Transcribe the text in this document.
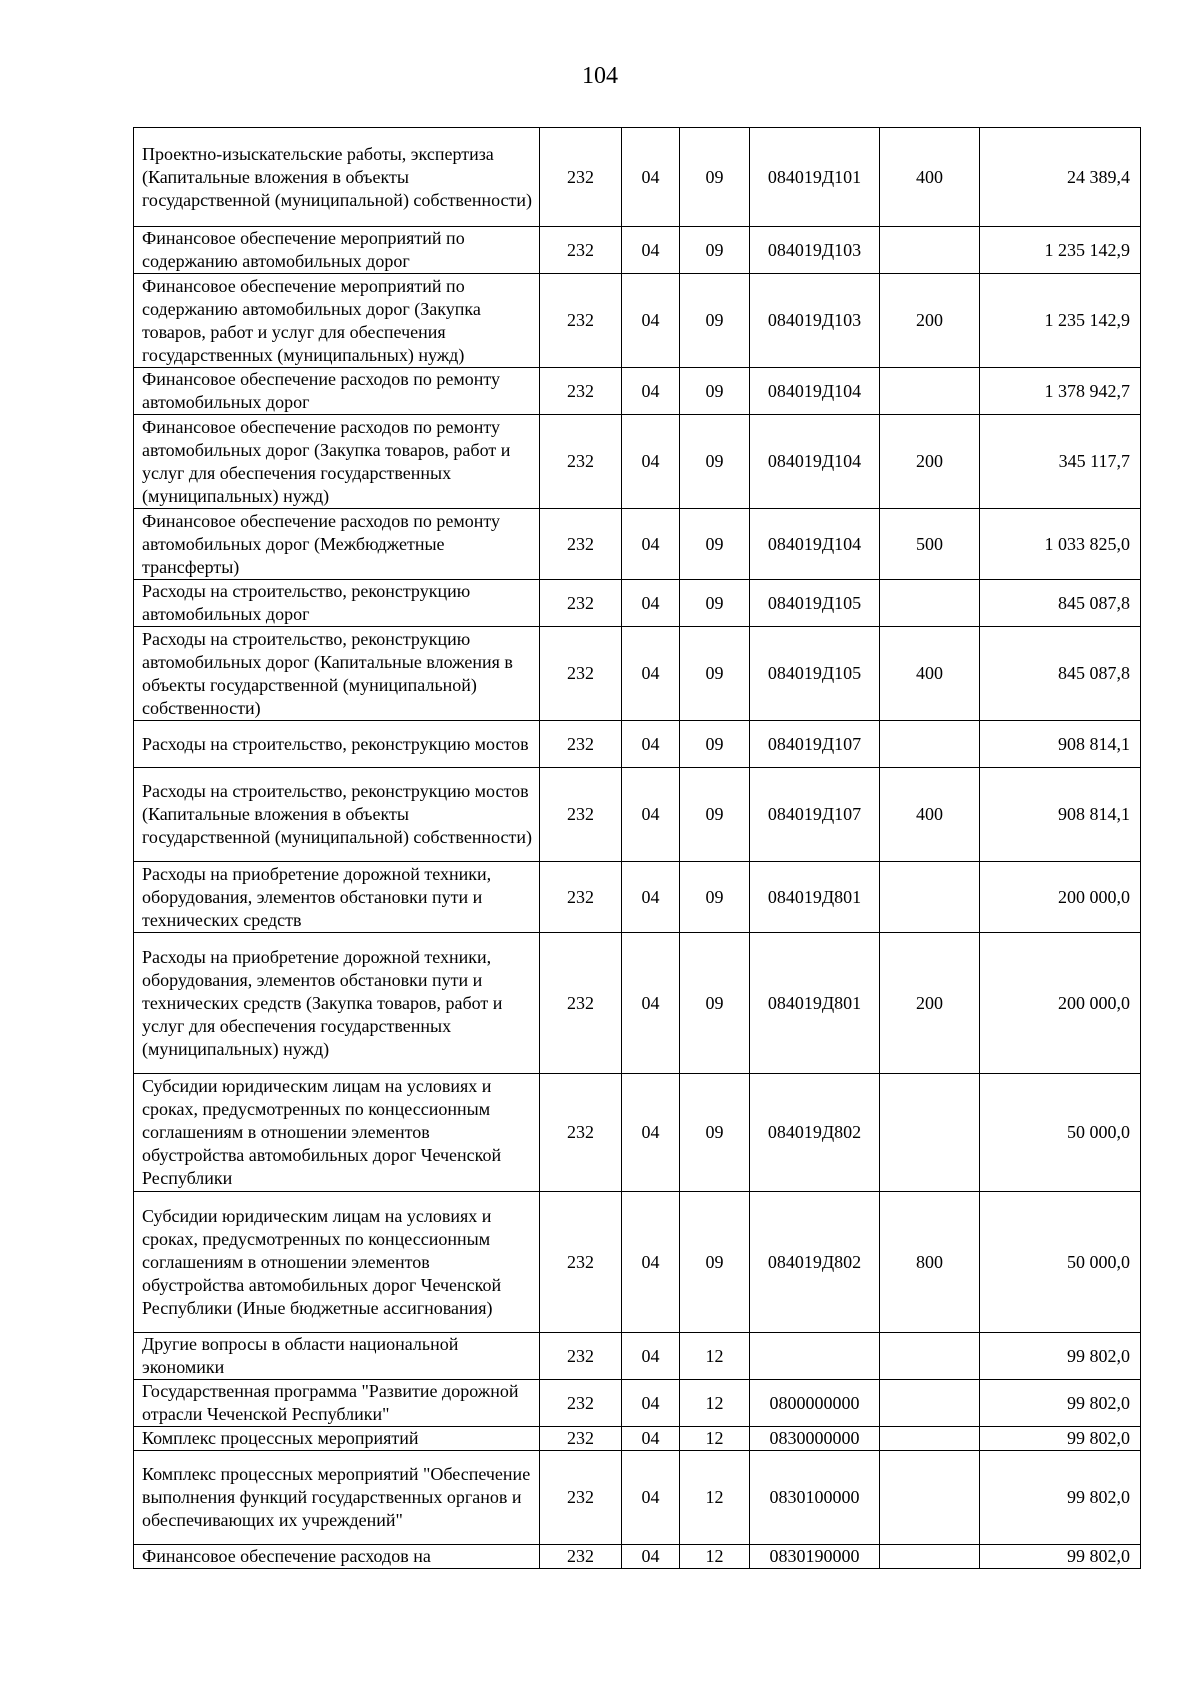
104
Проектно-изыскательские работы, экспертиза (Капитальные вложения в объекты государственной (муниципальной) собственности)	232	04	09	084019Д101	400	24 389,4
Финансовое обеспечение мероприятий по содержанию автомобильных дорог	232	04	09	084019Д103		1 235 142,9
Финансовое обеспечение мероприятий по содержанию автомобильных дорог (Закупка товаров, работ и услуг для обеспечения государственных (муниципальных) нужд)	232	04	09	084019Д103	200	1 235 142,9
Финансовое обеспечение расходов по ремонту автомобильных дорог	232	04	09	084019Д104		1 378 942,7
Финансовое обеспечение расходов по ремонту автомобильных дорог (Закупка товаров, работ и услуг для обеспечения государственных (муниципальных) нужд)	232	04	09	084019Д104	200	345 117,7
Финансовое обеспечение расходов по ремонту автомобильных дорог (Межбюджетные трансферты)	232	04	09	084019Д104	500	1 033 825,0
Расходы на строительство, реконструкцию автомобильных дорог	232	04	09	084019Д105		845 087,8
Расходы на строительство, реконструкцию автомобильных дорог (Капитальные вложения в объекты государственной (муниципальной) собственности)	232	04	09	084019Д105	400	845 087,8
Расходы на строительство, реконструкцию мостов	232	04	09	084019Д107		908 814,1
Расходы на строительство, реконструкцию мостов (Капитальные вложения в объекты государственной (муниципальной) собственности)	232	04	09	084019Д107	400	908 814,1
Расходы на приобретение дорожной техники, оборудования, элементов обстановки пути и технических средств	232	04	09	084019Д801		200 000,0
Расходы на приобретение дорожной техники, оборудования, элементов обстановки пути и технических средств (Закупка товаров, работ и услуг для обеспечения государственных (муниципальных) нужд)	232	04	09	084019Д801	200	200 000,0
Субсидии юридическим лицам на условиях и сроках, предусмотренных по концессионным соглашениям в отношении элементов обустройства автомобильных дорог Чеченской Республики	232	04	09	084019Д802		50 000,0
Субсидии юридическим лицам на условиях и сроках, предусмотренных по концессионным соглашениям в отношении элементов обустройства автомобильных дорог Чеченской Республики (Иные бюджетные ассигнования)	232	04	09	084019Д802	800	50 000,0
Другие вопросы в области национальной экономики	232	04	12			99 802,0
Государственная программа "Развитие дорожной отрасли Чеченской Республики"	232	04	12	0800000000		99 802,0
Комплекс процессных мероприятий	232	04	12	0830000000		99 802,0
Комплекс процессных мероприятий "Обеспечение выполнения функций государственных органов и обеспечивающих их учреждений"	232	04	12	0830100000		99 802,0
Финансовое обеспечение расходов на	232	04	12	0830190000		99 802,0
